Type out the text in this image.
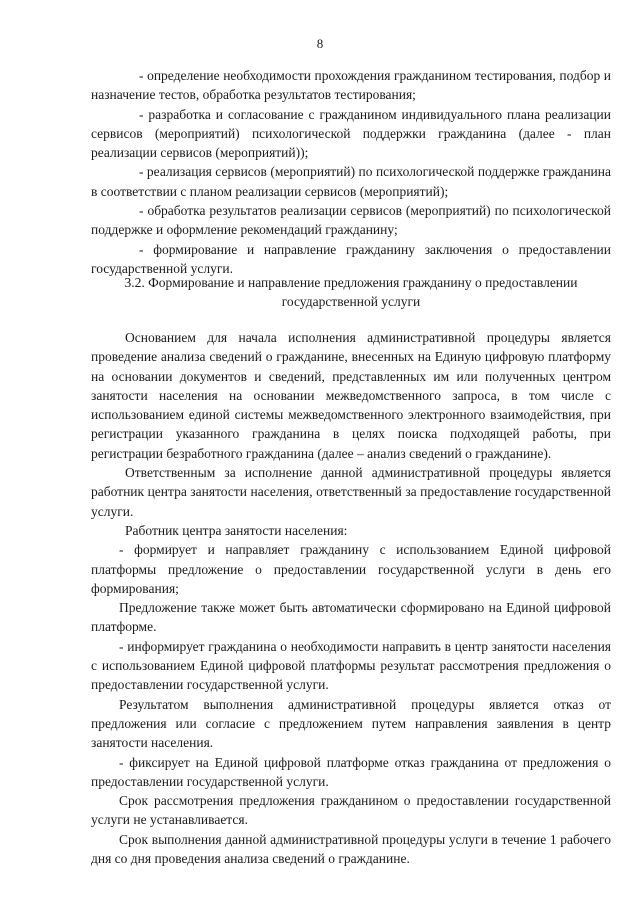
8

- определение необходимости прохождения гражданином тестирования, подбор и назначение тестов, обработка результатов тестирования;

- разработка и согласование с гражданином индивидуального плана реализации сервисов (мероприятий) психологической поддержки гражданина (далее - план реализации сервисов (мероприятий));

- реализация сервисов (мероприятий) по психологической поддержке гражданина в соответствии с планом реализации сервисов (мероприятий);

- обработка результатов реализации сервисов (мероприятий) по психологической поддержке и оформление рекомендаций гражданину;

- формирование и направление гражданину заключения о предоставлении государственной услуги.

3.2. Формирование и направление предложения гражданину о предоставлении государственной услуги

Основанием для начала исполнения административной процедуры является проведение анализа сведений о гражданине, внесенных на Единую цифровую платформу на основании документов и сведений, представленных им или полученных центром занятости населения на основании межведомственного запроса, в том числе с использованием единой системы межведомственного электронного взаимодействия, при регистрации указанного гражданина в целях поиска подходящей работы, при регистрации безработного гражданина (далее – анализ сведений о гражданине).

Ответственным за исполнение данной административной процедуры является работник центра занятости населения, ответственный за предоставление государственной услуги.

Работник центра занятости населения:

- формирует и направляет гражданину с использованием Единой цифровой платформы предложение о предоставлении государственной услуги в день его формирования;

Предложение также может быть автоматически сформировано на Единой цифровой платформе.

- информирует гражданина о необходимости направить в центр занятости населения с использованием Единой цифровой платформы результат рассмотрения предложения о предоставлении государственной услуги.

Результатом выполнения административной процедуры является отказ от предложения или согласие с предложением путем направления заявления в центр занятости населения.

- фиксирует на Единой цифровой платформе отказ гражданина от предложения о предоставлении государственной услуги.

Срок рассмотрения предложения гражданином о предоставлении государственной услуги не устанавливается.

Срок выполнения данной административной процедуры услуги в течение 1 рабочего дня со дня проведения анализа сведений о гражданине.
